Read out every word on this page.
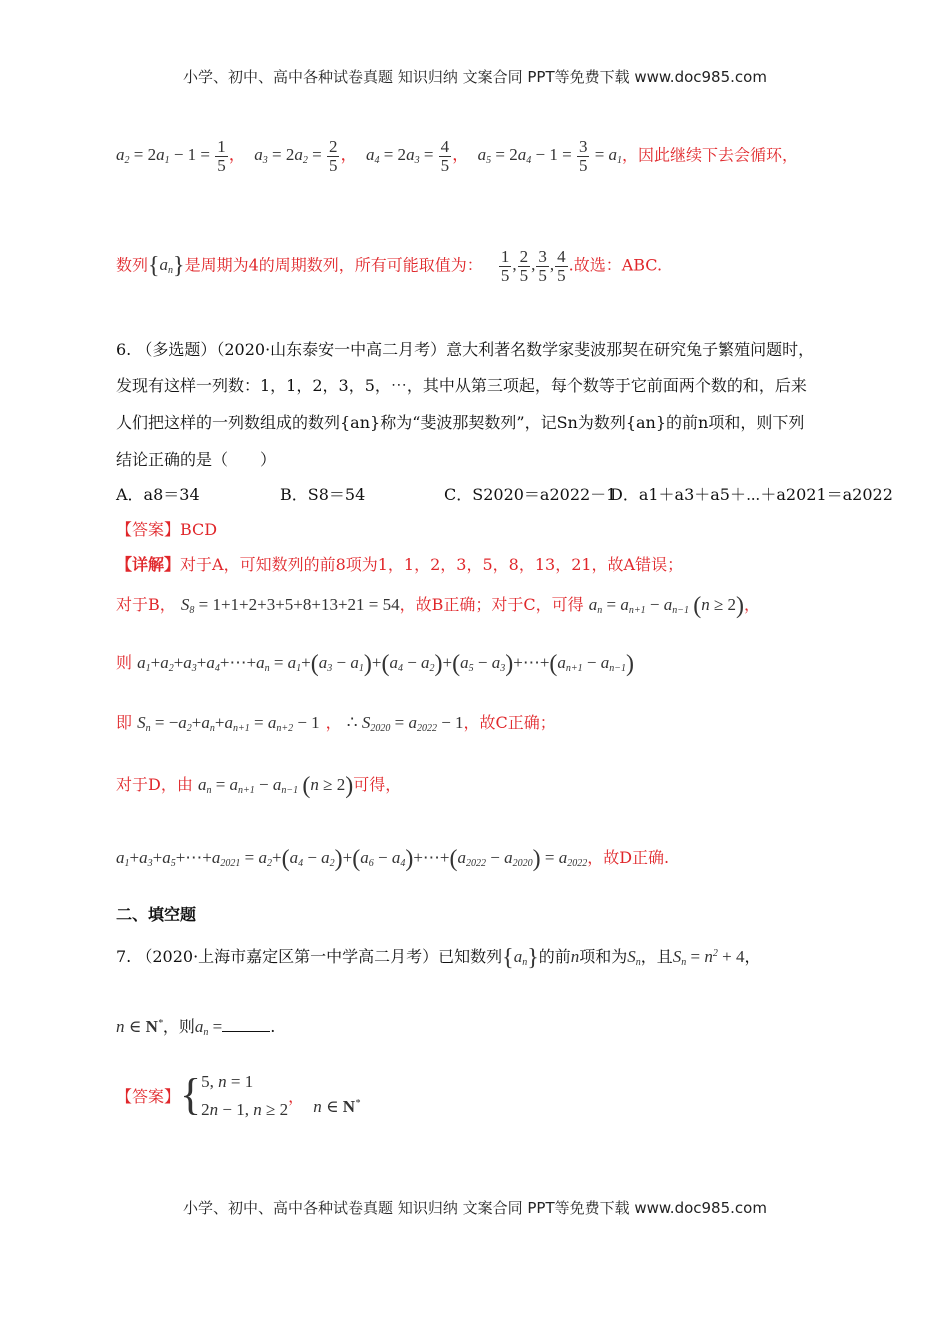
小学、初中、高中各种试卷真题 知识归纳 文案合同 PPT等免费下载 www.doc985.com
$a_2 = 2a_1 - 1 = \frac{1}{5}$ ，  $a_3 = 2a_2 = \frac{2}{5}$ ，  $a_4 = 2a_3 = \frac{4}{5}$ ，  $a_5 = 2a_4 - 1 = \frac{3}{5} = a_1$，因此继续下去会循环，
数列$\{a_n\}$是周期为4的周期数列，所有可能取值为： $\frac{1}{5}$ , $\frac{2}{5}$ , $\frac{3}{5}$ , $\frac{4}{5}$ .故选：ABC.
6. （多选题）（2020·山东泰安一中高二月考）意大利著名数学家斐波那契在研究兔子繁殖问题时，
发现有这样一列数：1，1，2，3，5，⋯，其中从第三项起，每个数等于它前面两个数的和，后来
人们把这样的一列数组成的数列{an}称为“斐波那契数列”，记Sn为数列{an}的前n项和，则下列
结论正确的是（　　）
A．a8＝34	B．S8＝54	C．S2020＝a2022－1
D．a1＋a3＋a5＋⋯＋a2021＝a2022
【答案】BCD
【详解】对于A，可知数列的前8项为1，1，2，3，5，8，13，21，故A错误；
对于B， $S_8 = 1+1+2+3+5+8+13+21 = 54$，故B正确；对于C，可得 $a_n = a_{n+1} - a_{n-1}$ (n ≥ 2)，
则 $a_1+a_2+a_3+a_4+\cdots+a_n = a_1+(a_3 - a_1)+(a_4 - a_2)+(a_5$ − $a_3)+\cdots+(a_{n+1} - a_{n-1})$
即 $S_n = -a_2+a_n+a_{n+1} = a_{n+2} - 1$ ， ∴ $S_{2020} = a_{2022} - 1$，故C正确；
对于D，由 $a_n = a_{n+1} - a_{n-1}$ (n ≥ 2)可得，
$a_1+a_3+a_5+\cdots+a_{2021} = a_2+(a_4 - a_2)+(a_6$ − $a_4)+\cdots+(a_{2022} - a_{2020}) = a_{2022}$，故D正确.
二、填空题
7. （2020·上海市嘉定区第一中学高二月考）已知数列$\{a_n\}$的前n项和为$S_n$，且$S_n = n^2 + 4$，
n ∈ N*，则$a_n$ =	.
【答案】{ 5, n = 1
2n − 1, n ≥ 2
， n ∈ N*
小学、初中、高中各种试卷真题 知识归纳 文案合同 PPT等免费下载 www.doc985.com
